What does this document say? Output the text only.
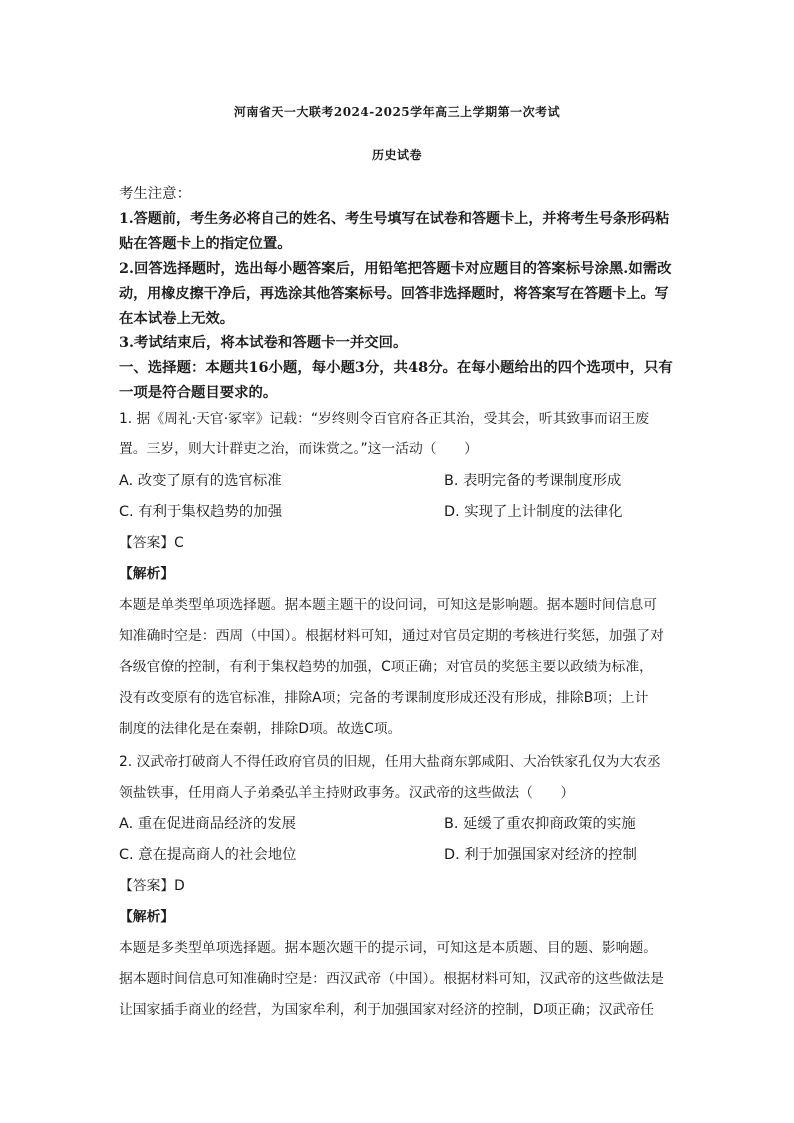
河南省天一大联考2024-2025学年高三上学期第一次考试
历史试卷
考生注意：
1.答题前，考生务必将自己的姓名、考生号填写在试卷和答题卡上，并将考生号条形码粘
贴在答题卡上的指定位置。
2.回答选择题时，选出每小题答案后，用铅笔把答题卡对应题目的答案标号涂黑.如需改
动，用橡皮擦干净后，再选涂其他答案标号。回答非选择题时，将答案写在答题卡上。写
在本试卷上无效。
3.考试结束后，将本试卷和答题卡一并交回。
一、选择题：本题共16小题，每小题3分，共48分。在每小题给出的四个选项中，只有
一项是符合题目要求的。
1. 据《周礼·天官·冢宰》记载：“岁终则令百官府各正其治，受其会，听其致事而诏王废
置。三岁，则大计群吏之治，而诛赏之。”这一活动（　　）
A. 改变了原有的选官标准	B. 表明完备的考课制度形成
C. 有利于集权趋势的加强	D. 实现了上计制度的法律化
【答案】C
【解析】
本题是单类型单项选择题。据本题主题干的设问词，可知这是影响题。据本题时间信息可
知准确时空是：西周（中国）。根据材料可知，通过对官员定期的考核进行奖惩，加强了对
各级官僚的控制，有利于集权趋势的加强，C项正确；对官员的奖惩主要以政绩为标准，
没有改变原有的选官标准，排除A项；完备的考课制度形成还没有形成，排除B项；上计
制度的法律化是在秦朝，排除D项。故选C项。
2. 汉武帝打破商人不得任政府官员的旧规，任用大盐商东郭咸阳、大冶铁家孔仅为大农丞
领盐铁事，任用商人子弟桑弘羊主持财政事务。汉武帝的这些做法（　　）
A. 重在促进商品经济的发展	B. 延缓了重农抑商政策的实施
C. 意在提高商人的社会地位	D. 利于加强国家对经济的控制
【答案】D
【解析】
本题是多类型单项选择题。据本题次题干的提示词，可知这是本质题、目的题、影响题。
据本题时间信息可知准确时空是：西汉武帝（中国）。根据材料可知，汉武帝的这些做法是
让国家插手商业的经营，为国家牟利，利于加强国家对经济的控制，D项正确；汉武帝任
